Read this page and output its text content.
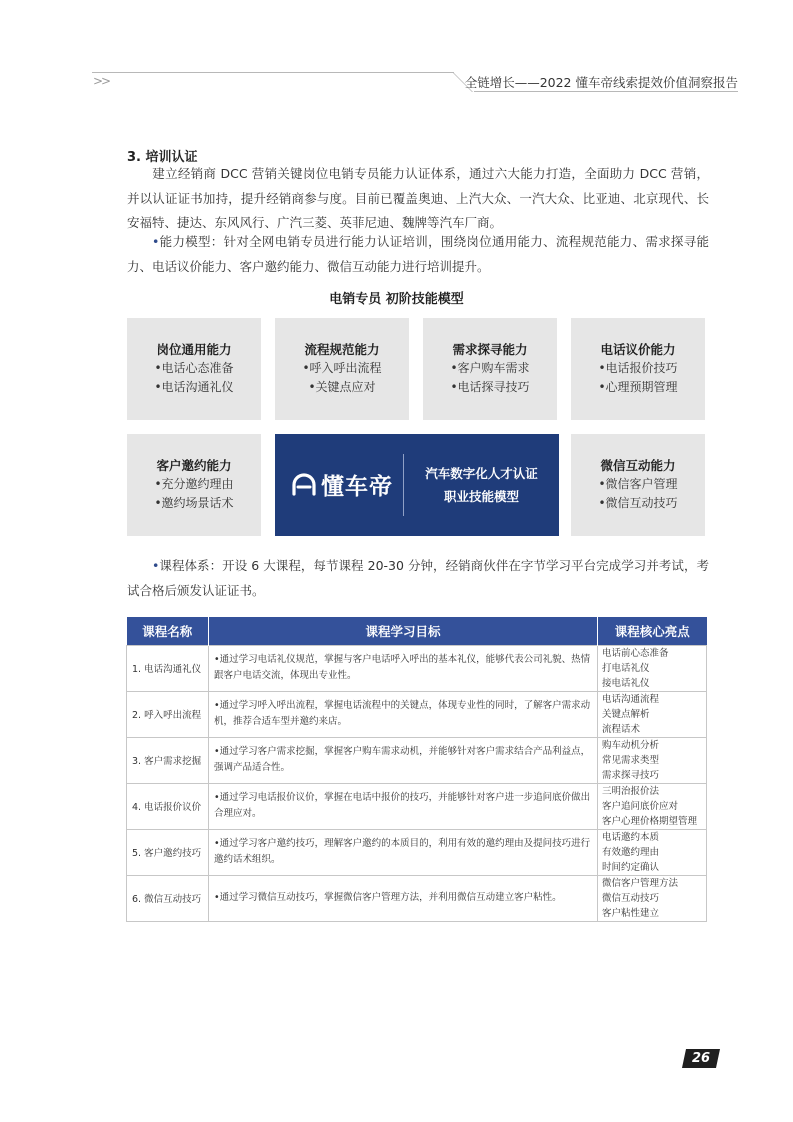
>>	全链增长——2022 懂车帝线索提效价值洞察报告
3. 培训认证
建立经销商 DCC 营销关键岗位电销专员能力认证体系，通过六大能力打造，全面助力 DCC 营销，并以认证证书加持，提升经销商参与度。目前已覆盖奥迪、上汽大众、一汽大众、比亚迪、北京现代、长安福特、捷达、东风风行、广汽三菱、英菲尼迪、魏牌等汽车厂商。
•能力模型：针对全网电销专员进行能力认证培训，围绕岗位通用能力、流程规范能力、需求探寻能力、电话议价能力、客户邀约能力、微信互动能力进行培训提升。
电销专员 初阶技能模型
岗位通用能力
•电话心态准备
•电话沟通礼仪
流程规范能力
•呼入呼出流程
•关键点应对
需求探寻能力
•客户购车需求
•电话探寻技巧
电话议价能力
•电话报价技巧
•心理预期管理
客户邀约能力
•充分邀约理由
•邀约场景话术
微信互动能力
•微信客户管理
•微信互动技巧
懂车帝
汽车数字化人才认证
职业技能模型
•课程体系：开设 6 大课程，每节课程 20-30 分钟，经销商伙伴在字节学习平台完成学习并考试，考试合格后颁发认证证书。
课程名称	课程学习目标	课程核心亮点
1. 电话沟通礼仪	•通过学习电话礼仪规范，掌握与客户电话呼入呼出的基本礼仪，能够代表公司礼貌、热情跟客户电话交流，体现出专业性。	电话前心态准备
打电话礼仪
接电话礼仪

2. 呼入呼出流程	•通过学习呼入呼出流程，掌握电话流程中的关键点，体现专业性的同时，了解客户需求动机，推荐合适车型并邀约来店。	电话沟通流程
关键点解析
流程话术

3. 客户需求挖掘	•通过学习客户需求挖掘，掌握客户购车需求动机，并能够针对客户需求结合产品利益点，强调产品适合性。	购车动机分析
常见需求类型
需求探寻技巧

4. 电话报价议价	•通过学习电话报价议价，掌握在电话中报价的技巧，并能够针对客户进一步追问底价做出合理应对。	三明治报价法
客户追问底价应对
客户心理价格期望管理

5. 客户邀约技巧	•通过学习客户邀约技巧，理解客户邀约的本质目的，利用有效的邀约理由及提问技巧进行邀约话术组织。	电话邀约本质
有效邀约理由
时间约定确认

6. 微信互动技巧	•通过学习微信互动技巧，掌握微信客户管理方法，并利用微信互动建立客户粘性。	微信客户管理方法
微信互动技巧
客户粘性建立
26
